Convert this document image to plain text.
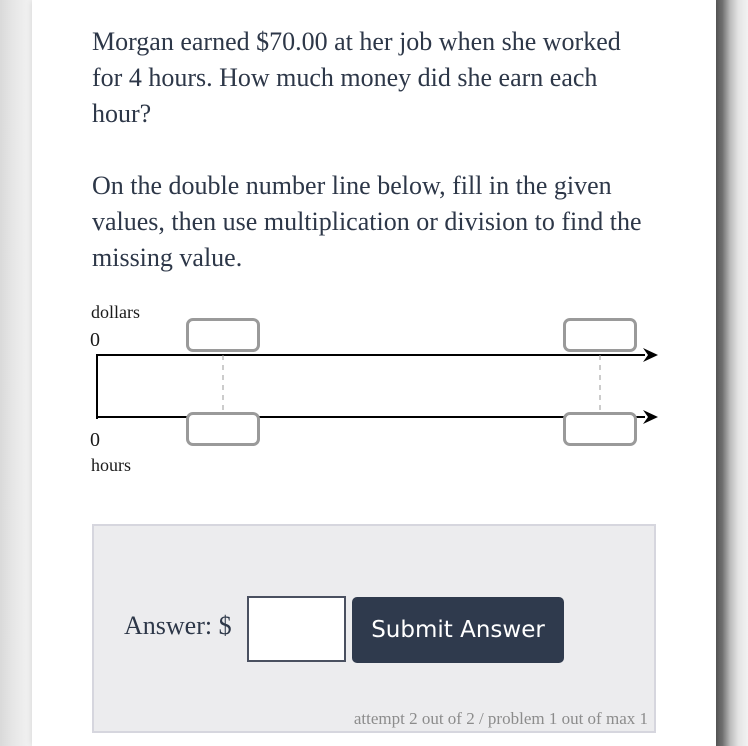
Morgan earned $70.00 at her job when she worked for 4 hours. How much money did she earn each hour?

On the double number line below, fill in the given values, then use multiplication or division to find the missing value.

dollars
0
0
hours
Answer: $	Submit Answer
attempt 2 out of 2 / problem 1 out of max 1
